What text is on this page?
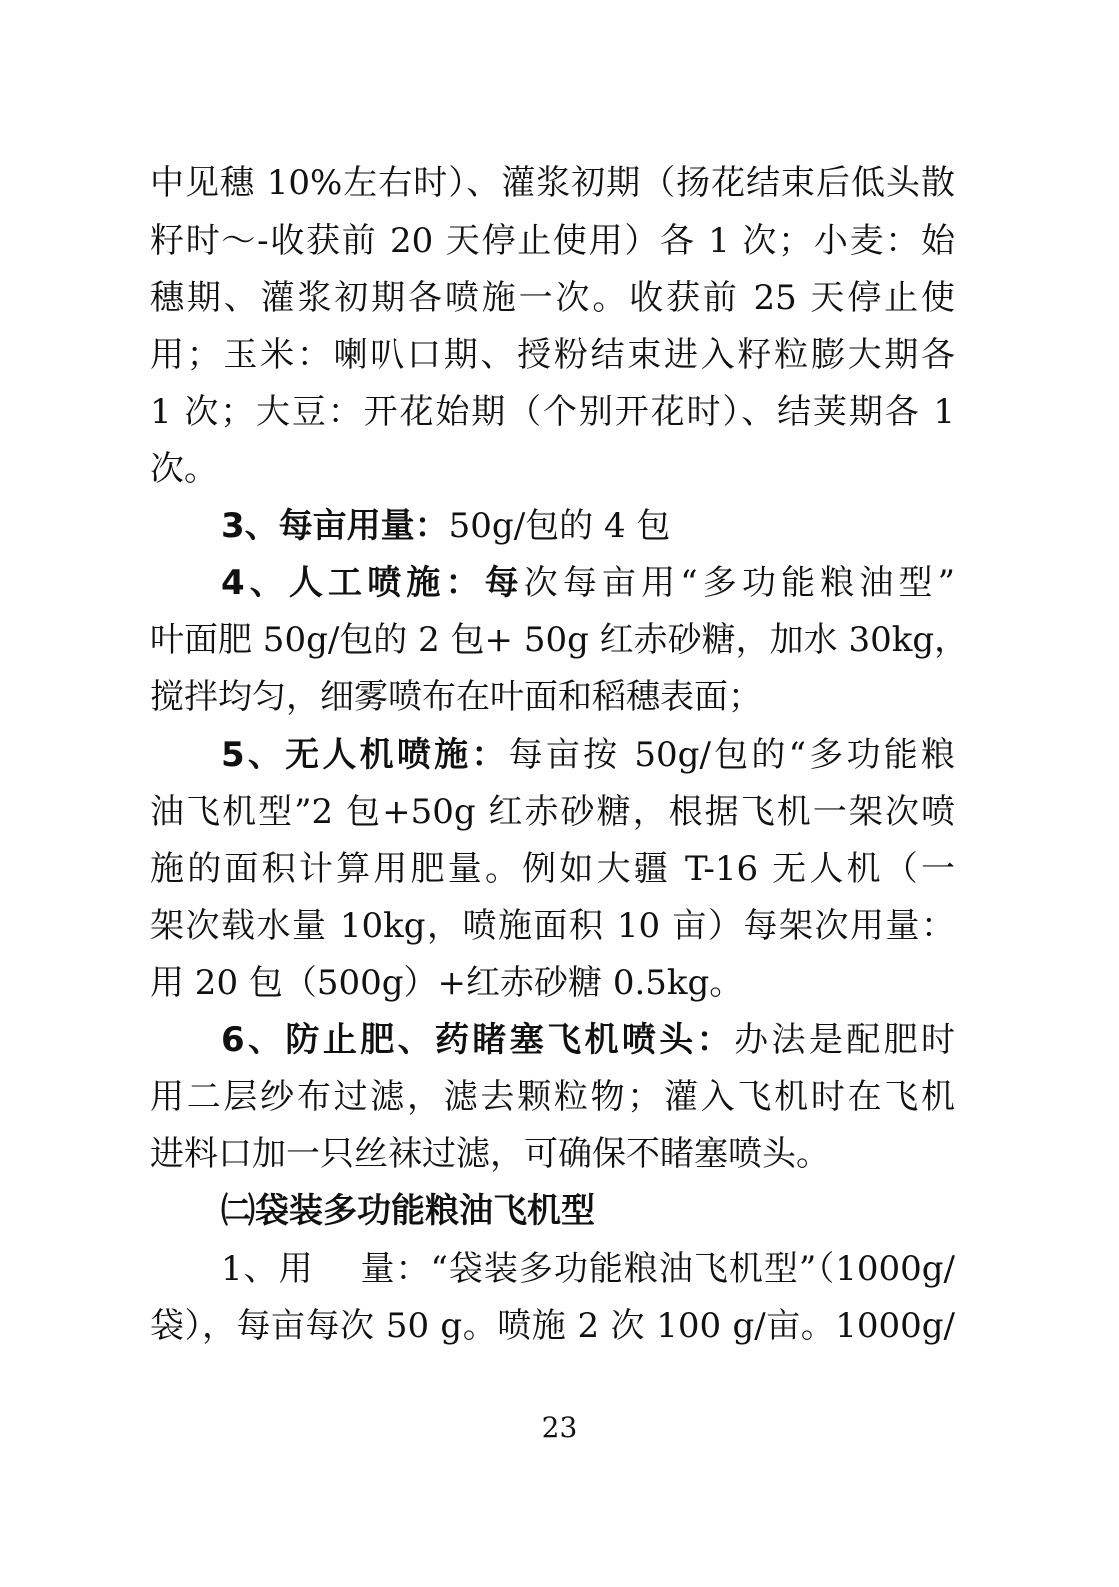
中见穗 10%左右时）、灌浆初期（扬花结束后低头散
籽时～-收获前 20 天停止使用）各 1 次；小麦：始
穗期、灌浆初期各喷施一次。收获前 25 天停止使
用；玉米：喇叭口期、授粉结束进入籽粒膨大期各
1 次；大豆：开花始期（个别开花时）、结荚期各 1
次。
3、每亩用量：50g/包的 4 包
4、人工喷施：每次每亩用“多功能粮油型”
叶面肥 50g/包的 2 包+ 50g 红赤砂糖，加水 30kg，
搅拌均匀，细雾喷布在叶面和稻穗表面；
5、无人机喷施：每亩按 50g/包的“多功能粮
油飞机型”2 包+50g 红赤砂糖，根据飞机一架次喷
施的面积计算用肥量。例如大疆 T-16 无人机（一
架次载水量 10kg，喷施面积 10 亩）每架次用量：
用 20 包（500g）+红赤砂糖 0.5kg。
6、防止肥、药睹塞飞机喷头：办法是配肥时
用二层纱布过滤，滤去颗粒物；灌入飞机时在飞机
进料口加一只丝袜过滤，可确保不睹塞喷头。
㈡袋装多功能粮油飞机型
1、用　 量：“袋装多功能粮油飞机型”（1000g/
袋），每亩每次 50 g。喷施 2 次 100 g/亩。1000g/
23
